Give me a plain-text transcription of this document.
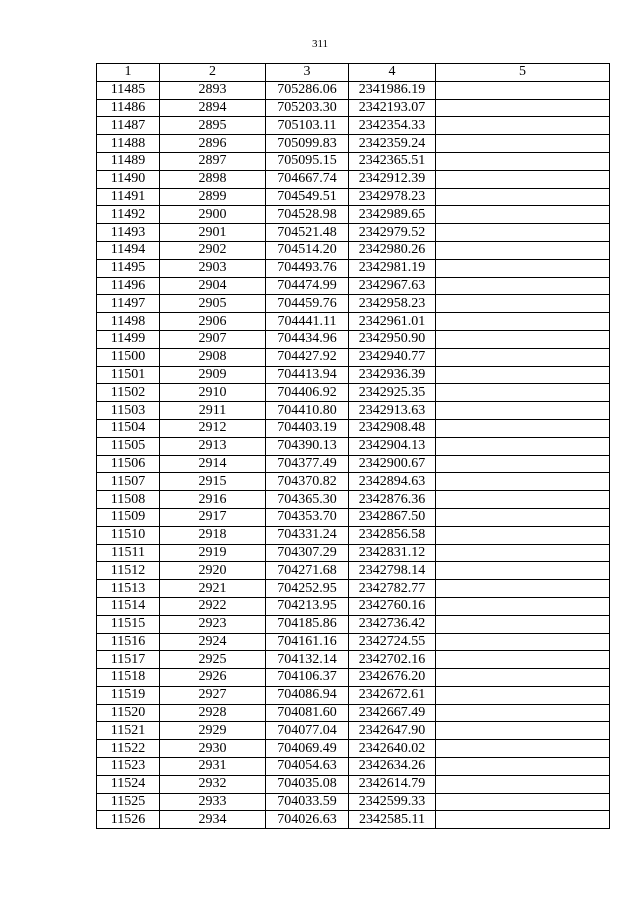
311
1	2	3	4	5
11485	2893	705286.06	2341986.19	
11486	2894	705203.30	2342193.07	
11487	2895	705103.11	2342354.33	
11488	2896	705099.83	2342359.24	
11489	2897	705095.15	2342365.51	
11490	2898	704667.74	2342912.39	
11491	2899	704549.51	2342978.23	
11492	2900	704528.98	2342989.65	
11493	2901	704521.48	2342979.52	
11494	2902	704514.20	2342980.26	
11495	2903	704493.76	2342981.19	
11496	2904	704474.99	2342967.63	
11497	2905	704459.76	2342958.23	
11498	2906	704441.11	2342961.01	
11499	2907	704434.96	2342950.90	
11500	2908	704427.92	2342940.77	
11501	2909	704413.94	2342936.39	
11502	2910	704406.92	2342925.35	
11503	2911	704410.80	2342913.63	
11504	2912	704403.19	2342908.48	
11505	2913	704390.13	2342904.13	
11506	2914	704377.49	2342900.67	
11507	2915	704370.82	2342894.63	
11508	2916	704365.30	2342876.36	
11509	2917	704353.70	2342867.50	
11510	2918	704331.24	2342856.58	
11511	2919	704307.29	2342831.12	
11512	2920	704271.68	2342798.14	
11513	2921	704252.95	2342782.77	
11514	2922	704213.95	2342760.16	
11515	2923	704185.86	2342736.42	
11516	2924	704161.16	2342724.55	
11517	2925	704132.14	2342702.16	
11518	2926	704106.37	2342676.20	
11519	2927	704086.94	2342672.61	
11520	2928	704081.60	2342667.49	
11521	2929	704077.04	2342647.90	
11522	2930	704069.49	2342640.02	
11523	2931	704054.63	2342634.26	
11524	2932	704035.08	2342614.79	
11525	2933	704033.59	2342599.33	
11526	2934	704026.63	2342585.11	
